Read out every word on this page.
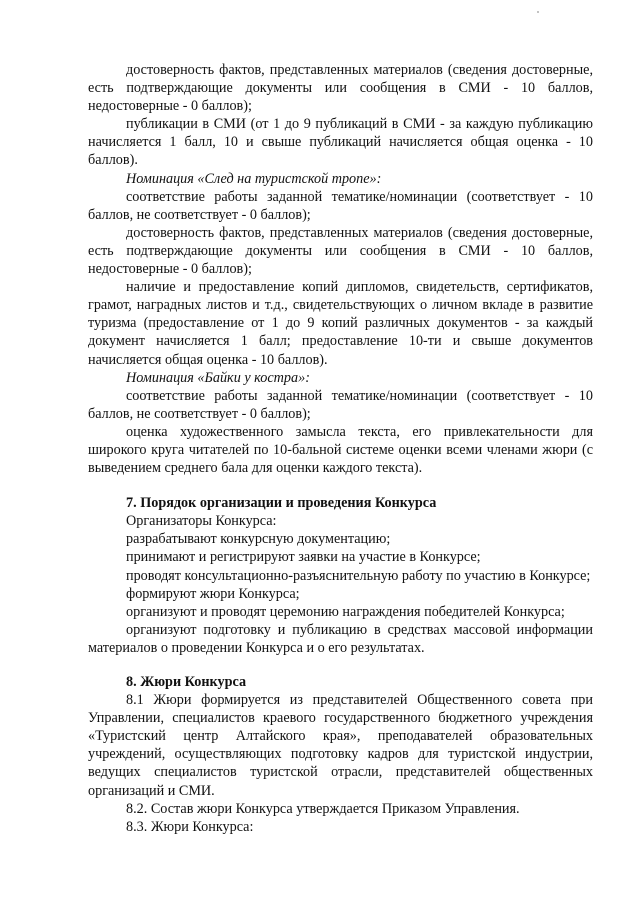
достоверность фактов, представленных материалов (сведения достоверные, есть подтверждающие документы или сообщения в СМИ - 10 баллов, недостоверные - 0 баллов);

публикации в СМИ (от 1 до 9 публикаций в СМИ - за каждую публикацию начисляется 1 балл, 10 и свыше публикаций начисляется общая оценка - 10 баллов).

Номинация «След на туристской тропе»:

соответствие работы заданной тематике/номинации (соответствует - 10 баллов, не соответствует - 0 баллов);

достоверность фактов, представленных материалов (сведения достоверные, есть подтверждающие документы или сообщения в СМИ - 10 баллов, недостоверные - 0 баллов);

наличие и предоставление копий дипломов, свидетельств, сертификатов, грамот, наградных листов и т.д., свидетельствующих о личном вкладе в развитие туризма (предоставление от 1 до 9 копий различных документов - за каждый документ начисляется 1 балл; предоставление 10-ти и свыше документов начисляется общая оценка - 10 баллов).

Номинация «Байки у костра»:

соответствие работы заданной тематике/номинации (соответствует - 10 баллов, не соответствует - 0 баллов);

оценка художественного замысла текста, его привлекательности для широкого круга читателей по 10-бальной системе оценки всеми членами жюри (с выведением среднего бала для оценки каждого текста).

7. Порядок организации и проведения Конкурса

Организаторы Конкурса:

разрабатывают конкурсную документацию;

принимают и регистрируют заявки на участие в Конкурсе;

проводят консультационно-разъяснительную работу по участию в Конкурсе;

формируют жюри Конкурса;

организуют и проводят церемонию награждения победителей Конкурса;

организуют подготовку и публикацию в средствах массовой информации материалов о проведении Конкурса и о его результатах.

8. Жюри Конкурса

8.1 Жюри формируется из представителей Общественного совета при Управлении, специалистов краевого государственного бюджетного учреждения «Туристский центр Алтайского края», преподавателей образовательных учреждений, осуществляющих подготовку кадров для туристской индустрии, ведущих специалистов туристской отрасли, представителей общественных организаций и СМИ.

8.2. Состав жюри Конкурса утверждается Приказом Управления.

8.3. Жюри Конкурса:
